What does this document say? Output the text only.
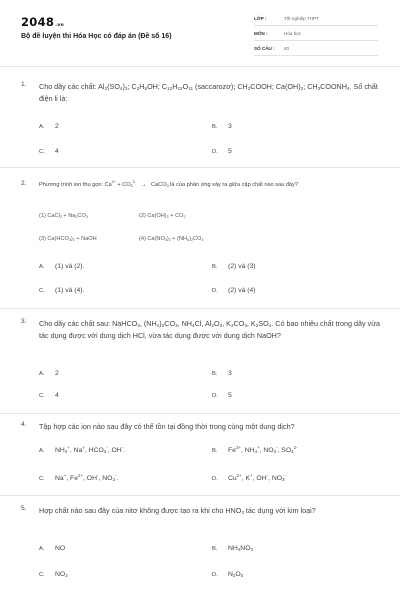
2048.vn
Bộ đề luyện thi Hóa Học có đáp án (Đề số 16)
LỚP :	Tốt nghiệp THPT
MÔN :	Hóa học
SỐ CÂU : 40
1. Cho dãy các chất: $Al_2(SO_4)_3$; $C_2H_5OH$; $C_{12}H_{22}O_{11}$ (saccarozơ); $CH_3COOH$; $Ca(OH)_2$; $CH_3COONH_4$. Số chất điện li là:
A. 2	B. 3
C. 4	D. 5
2. Phương trình ion thu gọn: $Ca^{2+} + CO_3^{2-}$ → CaCO$_3$ là của phản ứng xảy ra giữa cặp chất nào sau đây?
(1) CaCl$_2$ + $Na_2CO_3$	(2) $Ca(OH)_2 + CO_2$
(3) $Ca(HCO_3)_2$ + NaOH	(4) $Ca(NO_3)_2 + (NH_4)_2CO_3$
A. (1) và (2).	B. (2) và (3)
C. (1) và (4).	D. (2) và (4)
3. Cho dãy các chất sau: NaHCO$_3$, $(NH_4)_2CO_3$, $NH_4Cl$, $Al_2O_3$, $K_2CO_3$, $K_2SO_4$. Có bao nhiêu chất trong dãy vừa tác dụng được với dung dịch HCl, vừa tác dụng được với dung dịch NaOH?
A. 2	B. 3
C. 4	D. 5
4. Tập hợp các ion nào sau đây có thể tồn tại đồng thời trong cùng một dung dịch?
A. $NH_4^+$, Na+, $HCO_3^-$, OH-.	B. $Fe^{2+}$, $NH_4^+$, $NO_3^-$, $SO_4^{2-}$
C. Na+, $Fe^{2+}$, OH-, $NO_3^-$.	D. $Cu^{2+}$, K+, OH-, $NO_3^-$
5. Hợp chất nào sau đây của nitơ không được tạo ra khi cho $HNO_3$ tác dụng với kim loại?
A. NO	B. $NH_4NO_3$
C. $NO_2$	D. $N_2O_5$
